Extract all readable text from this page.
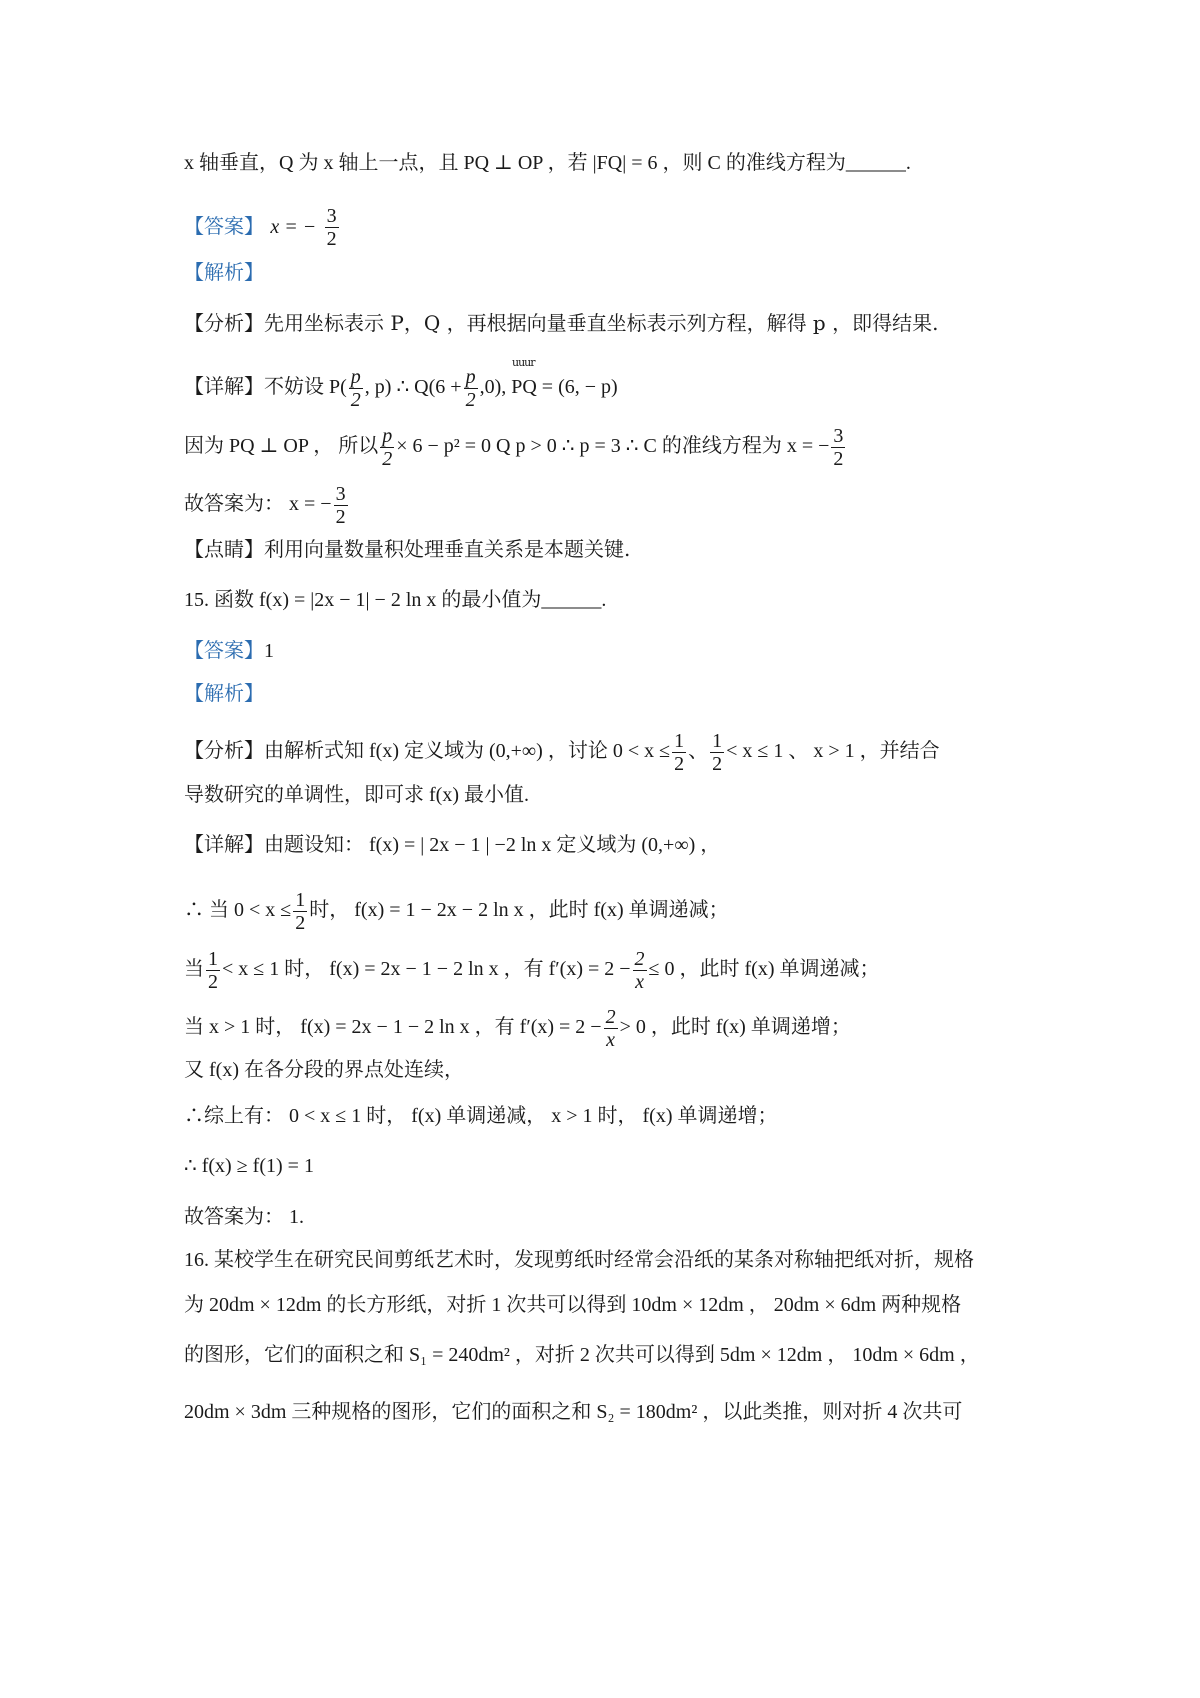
x 轴垂直，Q 为 x 轴上一点，且 PQ ⊥ OP ，若 |FQ| = 6 ，则 C 的准线方程为______.
【答案】 x = − $\frac{3}{2}$
【解析】
【分析】先用坐标表示 P，Q ，再根据向量垂直坐标表示列方程，解得 p ，即得结果.
【详解】不妨设 $P( \frac{p}{2}$ , p) ∴ $Q(6 + \frac{p}{2} ,0)$, PQ = (6, − p)
uuur
因为 PQ ⊥ OP ， 所以 $\frac{p}{2} \times 6 - p^2 = 0$ Q p > 0 ∴ p = 3 ∴ C 的准线方程为 x = − $\frac{3}{2}$
故答案为： x = − $\frac{3}{2}$
【点睛】利用向量数量积处理垂直关系是本题关键.
15. 函数 f(x) = |2x − 1| − 2 ln x 的最小值为______.
【答案】1
【解析】
【分析】由解析式知 f(x) 定义域为 (0,+∞) ，讨论 $0 < x \le \frac{1}{2}$ 、 $\frac{1}{2} < x \le 1$ 、 x > 1 ，并结合
导数研究的单调性，即可求 f(x) 最小值.
【详解】由题设知： f(x) = | 2x − 1 | −2 ln x 定义域为 (0,+∞) ，
∴ 当 $0 < x \le \frac{1}{2}$ 时， f(x) = 1 − 2x − 2 ln x ，此时 f(x) 单调递减；
当 $\frac{1}{2} < x \le 1$ 时， f(x) = 2x − 1 − 2 ln x ，有 $f'(x) = 2 - \frac{2}{x} \le 0$ ，此时 f(x) 单调递减；
当 x > 1 时， f(x) = 2x − 1 − 2 ln x ，有 $f'(x) = 2 - \frac{2}{x} > 0$ ，此时 f(x) 单调递增；
又 f(x) 在各分段的界点处连续，
∴综上有： 0 < x ≤ 1 时， f(x) 单调递减， x > 1 时， f(x) 单调递增；
∴ f(x) ≥ f(1) = 1
故答案为： 1.
16. 某校学生在研究民间剪纸艺术时，发现剪纸时经常会沿纸的某条对称轴把纸对折，规格
为 20dm × 12dm 的长方形纸，对折 1 次共可以得到 10dm × 12dm ， 20dm × 6dm 两种规格
的图形，它们的面积之和 S₁ = 240dm² ，对折 2 次共可以得到 5dm × 12dm ， 10dm × 6dm ，
20dm × 3dm 三种规格的图形，它们的面积之和 S₂ = 180dm² ，以此类推，则对折 4 次共可
